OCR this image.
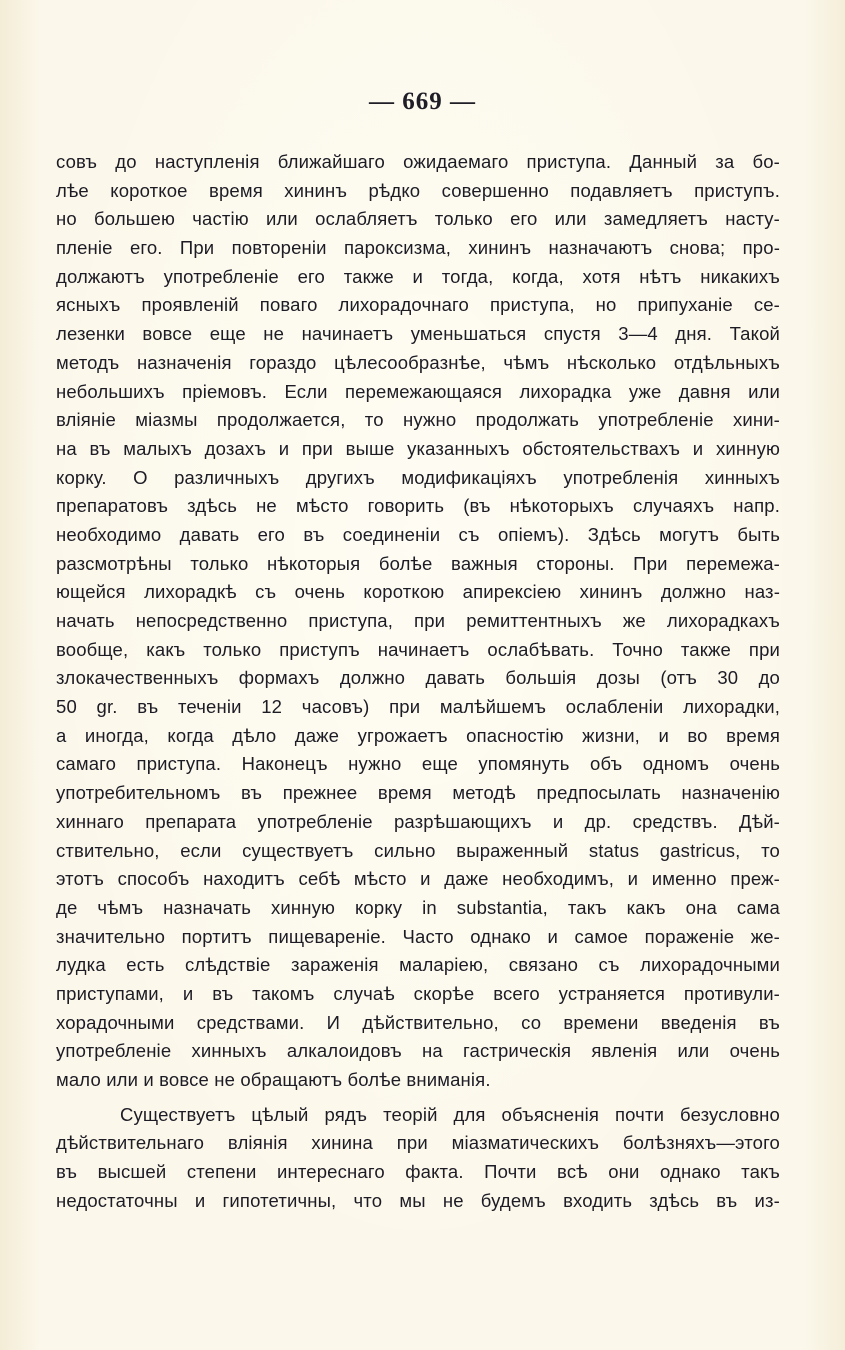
— 669 —
совъ до наступленія ближайшаго ожидаемаго приступа. Данный за бо-
лѣе короткое время хининъ рѣдко совершенно подавляетъ приступъ.
но большею частію или ослабляетъ только его или замедляетъ насту-
пленіе его. При повтореніи пароксизма, хининъ назначаютъ снова; про-
должаютъ употребленіе его также и тогда, когда, хотя нѣтъ никакихъ
ясныхъ проявленій поваго лихорадочнаго приступа, но припуханіе се-
лезенки вовсе еще не начинаетъ уменьшаться спустя 3—4 дня. Такой
методъ назначенія гораздо цѣлесообразнѣе, чѣмъ нѣсколько отдѣльныхъ
небольшихъ пріемовъ. Если перемежающаяся лихорадка уже давня или
вліяніе міазмы продолжается, то нужно продолжать употребленіе хини-
на въ малыхъ дозахъ и при выше указанныхъ обстоятельствахъ и хинную
корку. О различныхъ другихъ модификаціяхъ употребленія хинныхъ
препаратовъ здѣсь не мѣсто говорить (въ нѣкоторыхъ случаяхъ напр.
необходимо давать его въ соединеніи съ опіемъ). Здѣсь могутъ быть
разсмотрѣны только нѣкоторыя болѣе важныя стороны. При перемежа-
ющейся лихорадкѣ съ очень короткою апирексіею хининъ должно наз-
начать непосредственно приступа, при ремиттентныхъ же лихорадкахъ
вообще, какъ только приступъ начинаетъ ослабѣвать. Точно также при
злокачественныхъ формахъ должно давать большія дозы (отъ 30 до
50 gr. въ теченіи 12 часовъ) при малѣйшемъ ослабленіи лихорадки,
а иногда, когда дѣло даже угрожаетъ опасностію жизни, и во время
самаго приступа. Наконецъ нужно еще упомянуть объ одномъ очень
употребительномъ въ прежнее время методѣ предпосылать назначенію
хиннаго препарата употребленіе разрѣшающихъ и др. средствъ. Дѣй-
ствительно, если существуетъ сильно выраженный status gastricus, то
этотъ способъ находитъ себѣ мѣсто и даже необходимъ, и именно преж-
де чѣмъ назначать хинную корку in substantia, такъ какъ она сама
значительно портитъ пищевареніе. Часто однако и самое пораженіе же-
лудка есть слѣдствіе зараженія маларіею, связано съ лихорадочными
приступами, и въ такомъ случаѣ скорѣе всего устраняется противули-
хорадочными средствами. И дѣйствительно, со времени введенія въ
употребленіе хинныхъ алкалоидовъ на гастрическія явленія или очень
мало или и вовсе не обращаютъ болѣе вниманія.
Существуетъ цѣлый рядъ теорій для объясненія почти безусловно
дѣйствительнаго вліянія хинина при міазматическихъ болѣзняхъ—этого
въ высшей степени интереснаго факта. Почти всѣ они однако такъ
недостаточны и гипотетичны, что мы не будемъ входить здѣсь въ из-
